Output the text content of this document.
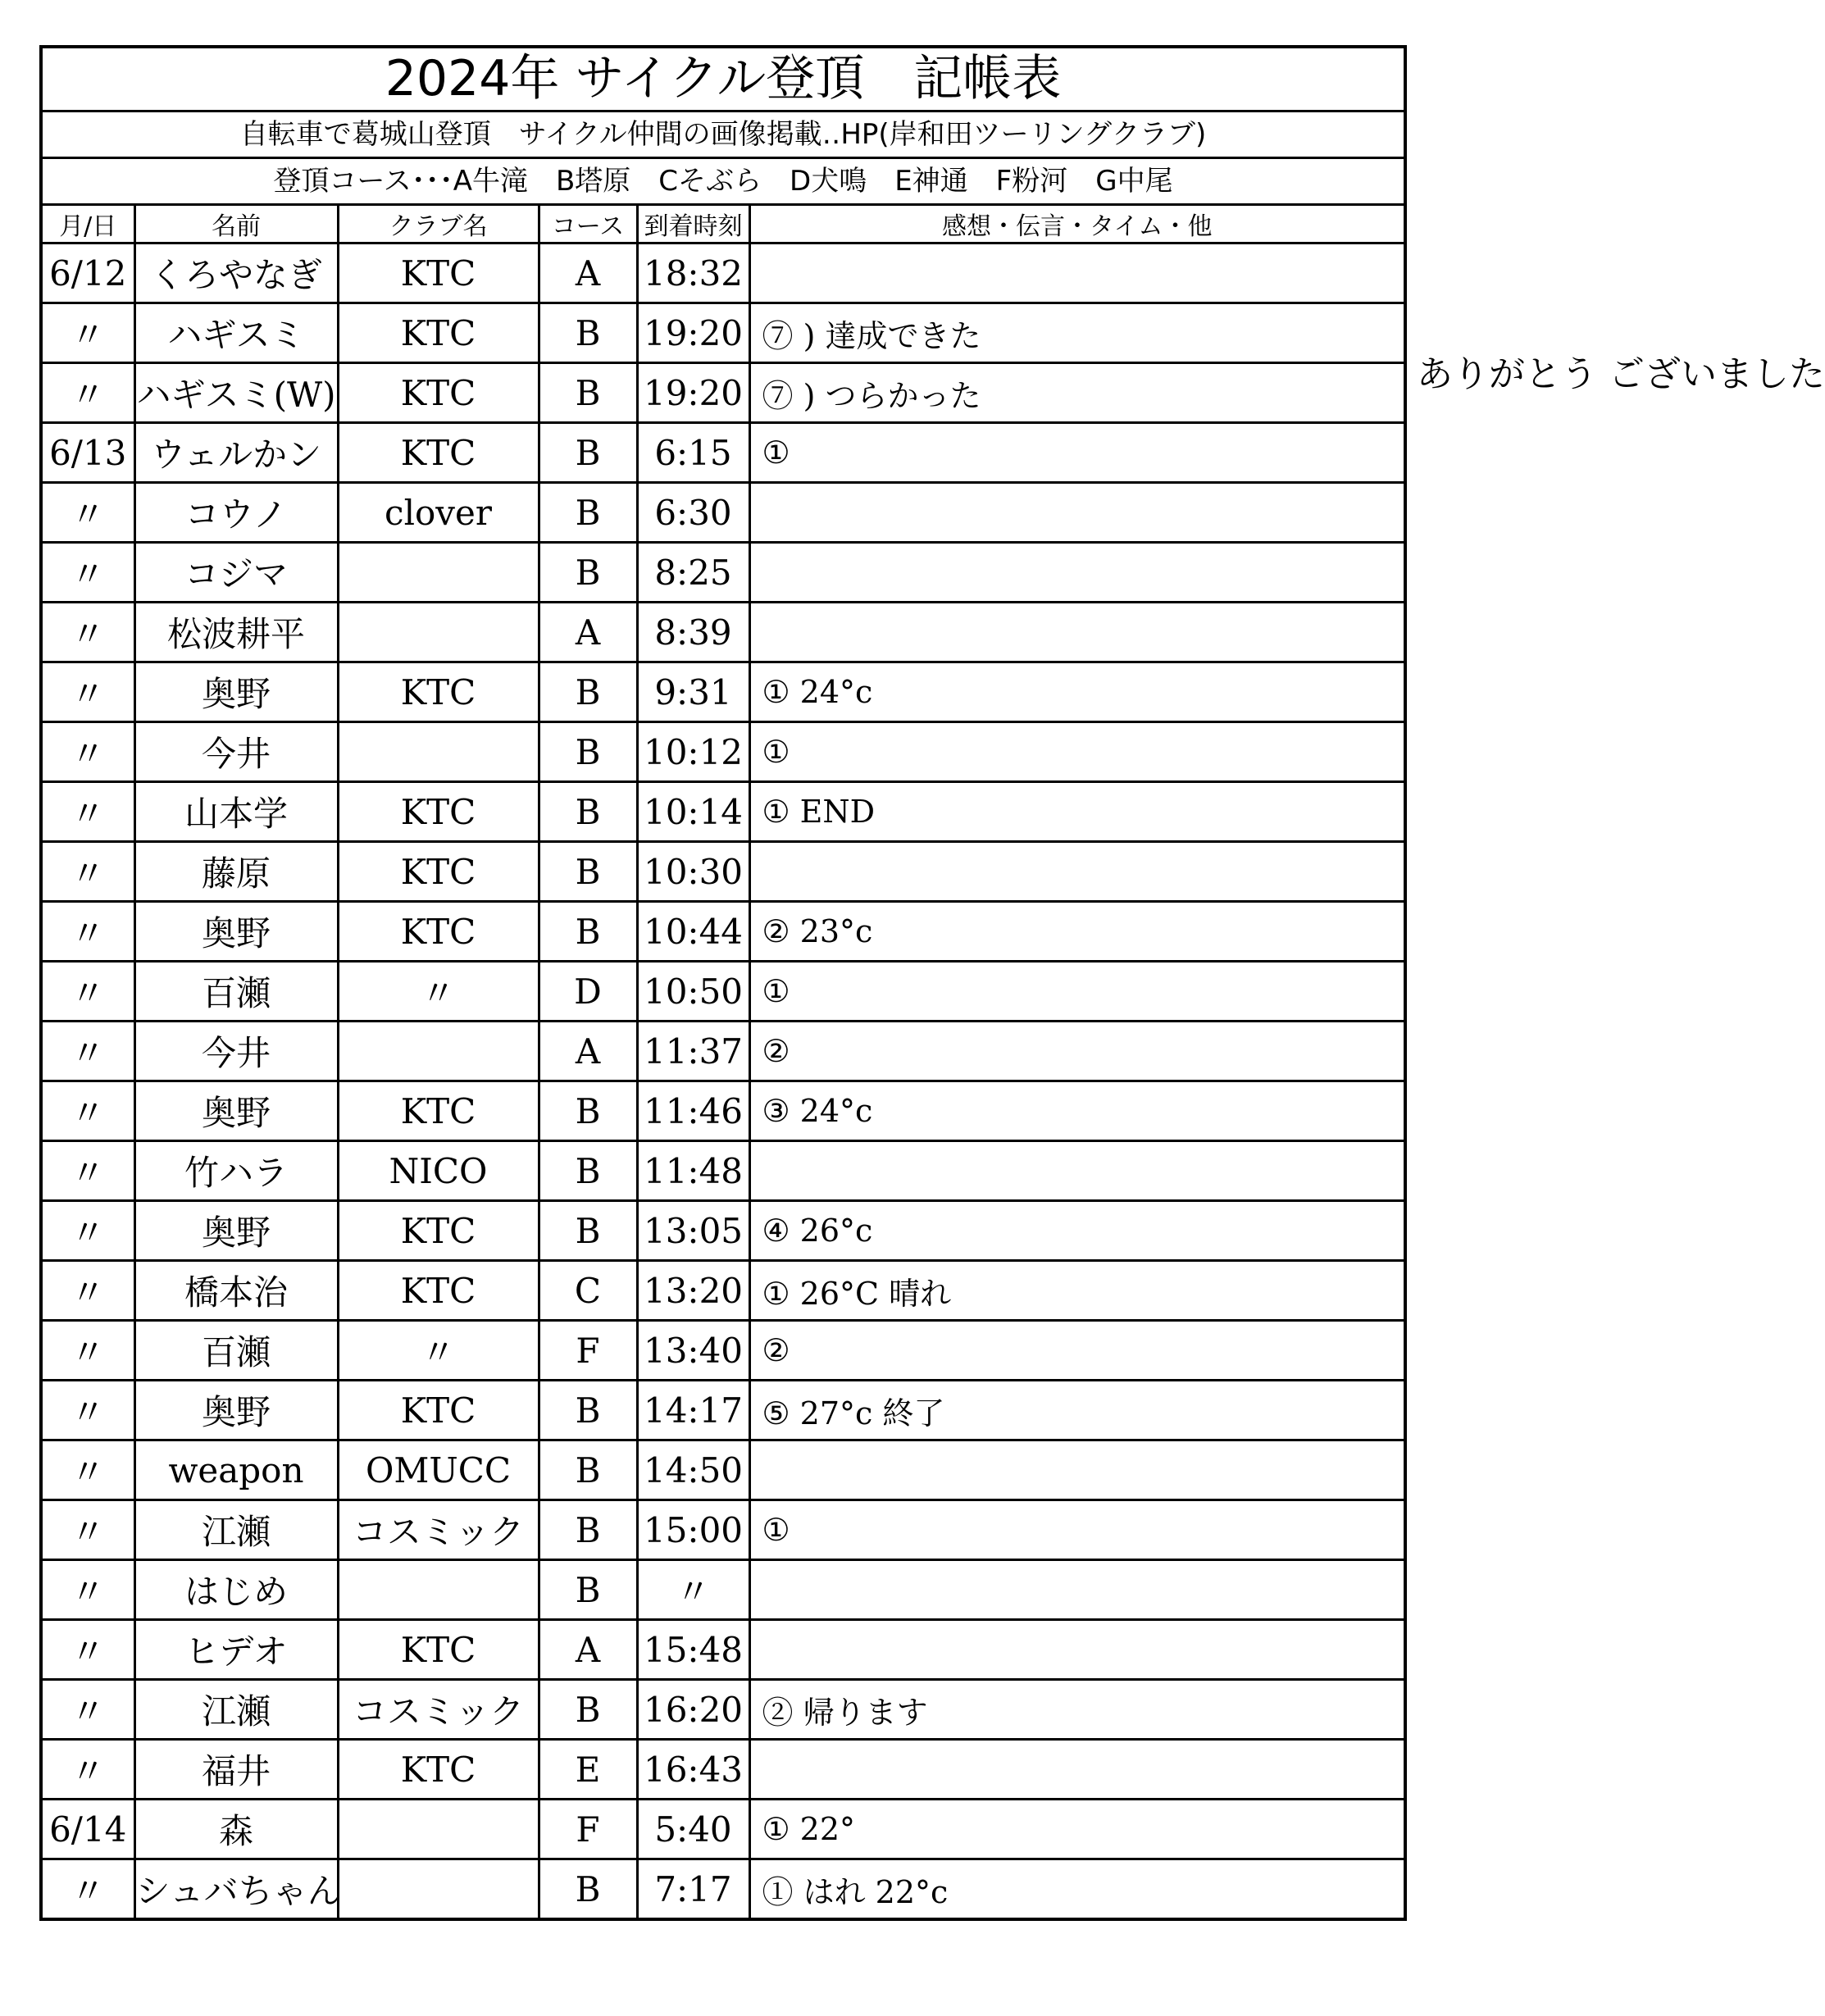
2024年 サイクル登頂　記帳表
自転車で葛城山登頂　サイクル仲間の画像掲載‥HP(岸和田ツーリングクラブ)
登頂コース･･･A牛滝　B塔原　Cそぶら　D犬鳴　E神通　F粉河　G中尾
月/日	名前	クラブ名	コース	到着時刻	感想・伝言・タイム・他
6/12	くろやなぎ	KTC	A	18:32	
〃	ハギスミ	KTC	B	19:20	⑦ ) 達成できた
〃	ハギスミ(W)	KTC	B	19:20	⑦ ) つらかった
6/13	ウェルかン	KTC	B	6:15	①
〃	コウノ	clover	B	6:30	
〃	コジマ		B	8:25	
〃	松波耕平		A	8:39	
〃	奥野	KTC	B	9:31	① 24°c
〃	今井		B	10:12	①
〃	山本学	KTC	B	10:14	① END
〃	藤原	KTC	B	10:30	
〃	奥野	KTC	B	10:44	② 23°c
〃	百瀬	〃	D	10:50	①
〃	今井		A	11:37	②
〃	奥野	KTC	B	11:46	③ 24°c
〃	竹ハラ	NICO	B	11:48	
〃	奥野	KTC	B	13:05	④ 26°c
〃	橋本治	KTC	C	13:20	① 26°C 晴れ
〃	百瀬	〃	F	13:40	②
〃	奥野	KTC	B	14:17	⑤ 27°c 終了
〃	weapon	OMUCC	B	14:50	
〃	江瀬	コスミック	B	15:00	①
〃	はじめ		B	〃	
〃	ヒデオ	KTC	A	15:48	
〃	江瀬	コスミック	B	16:20	② 帰ります
〃	福井	KTC	E	16:43	
6/14	森		F	5:40	① 22°
〃	シュバちゃん		B	7:17	① はれ 22°c
ありがとう ございました
